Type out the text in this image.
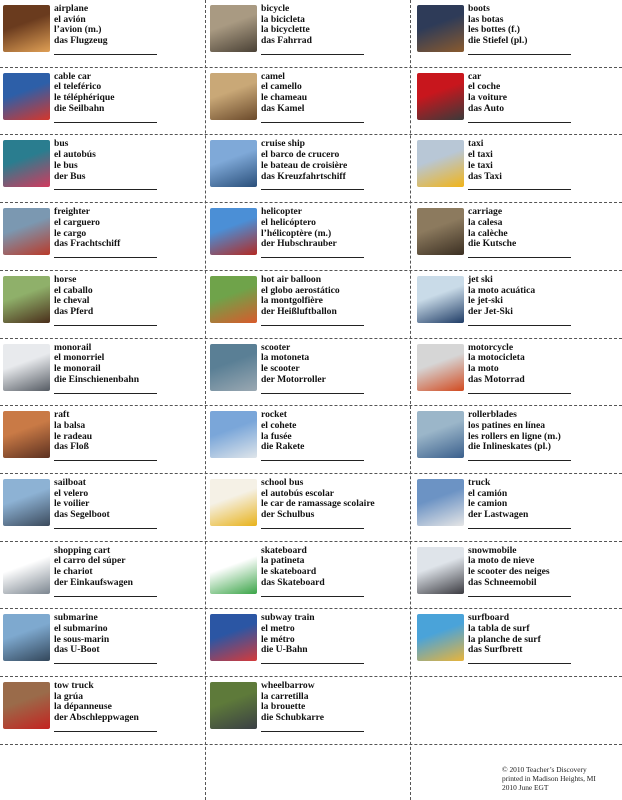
airplane
el avión
l’avion (m.)
das Flugzeug
bicycle
la bicicleta
la bicyclette
das Fahrrad
boots
las botas
les bottes (f.)
die Stiefel (pl.)
cable car
el teleférico
le téléphérique
die Seilbahn
camel
el camello
le chameau
das Kamel
car
el coche
la voiture
das Auto
bus
el autobús
le bus
der Bus
cruise ship
el barco de crucero
le bateau de croisière
das Kreuzfahrtschiff
taxi
el taxi
le taxi
das Taxi
freighter
el carguero
le cargo
das Frachtschiff
helicopter
el helicóptero
l’hélicoptère (m.)
der Hubschrauber
carriage
la calesa
la calèche
die Kutsche
horse
el caballo
le cheval
das Pferd
hot air balloon
el globo aerostático
la montgolfière
der Heißluftballon
jet ski
la moto acuática
le jet-ski
der Jet-Ski
monorail
el monorriel
le monorail
die Einschienenbahn
scooter
la motoneta
le scooter
der Motorroller
motorcycle
la motocicleta
la moto
das Motorrad
raft
la balsa
le radeau
das Floß
rocket
el cohete
la fusée
die Rakete
rollerblades
los patines en línea
les rollers en ligne (m.)
die Inlineskates (pl.)
sailboat
el velero
le voilier
das Segelboot
school bus
el autobús escolar
le car de ramassage scolaire
der Schulbus
truck
el camión
le camion
der Lastwagen
shopping cart
el carro del súper
le chariot
der Einkaufswagen
skateboard
la patineta
le skateboard
das Skateboard
snowmobile
la moto de nieve
le scooter des neiges
das Schneemobil
submarine
el submarino
le sous-marin
das U-Boot
subway train
el metro
le métro
die U-Bahn
surfboard
la tabla de surf
la planche de surf
das Surfbrett
tow truck
la grúa
la dépanneuse
der Abschleppwagen
wheelbarrow
la carretilla
la brouette
die Schubkarre
© 2010 Teacher’s Discovery
printed in Madison Heights, MI
2010 June EGT
